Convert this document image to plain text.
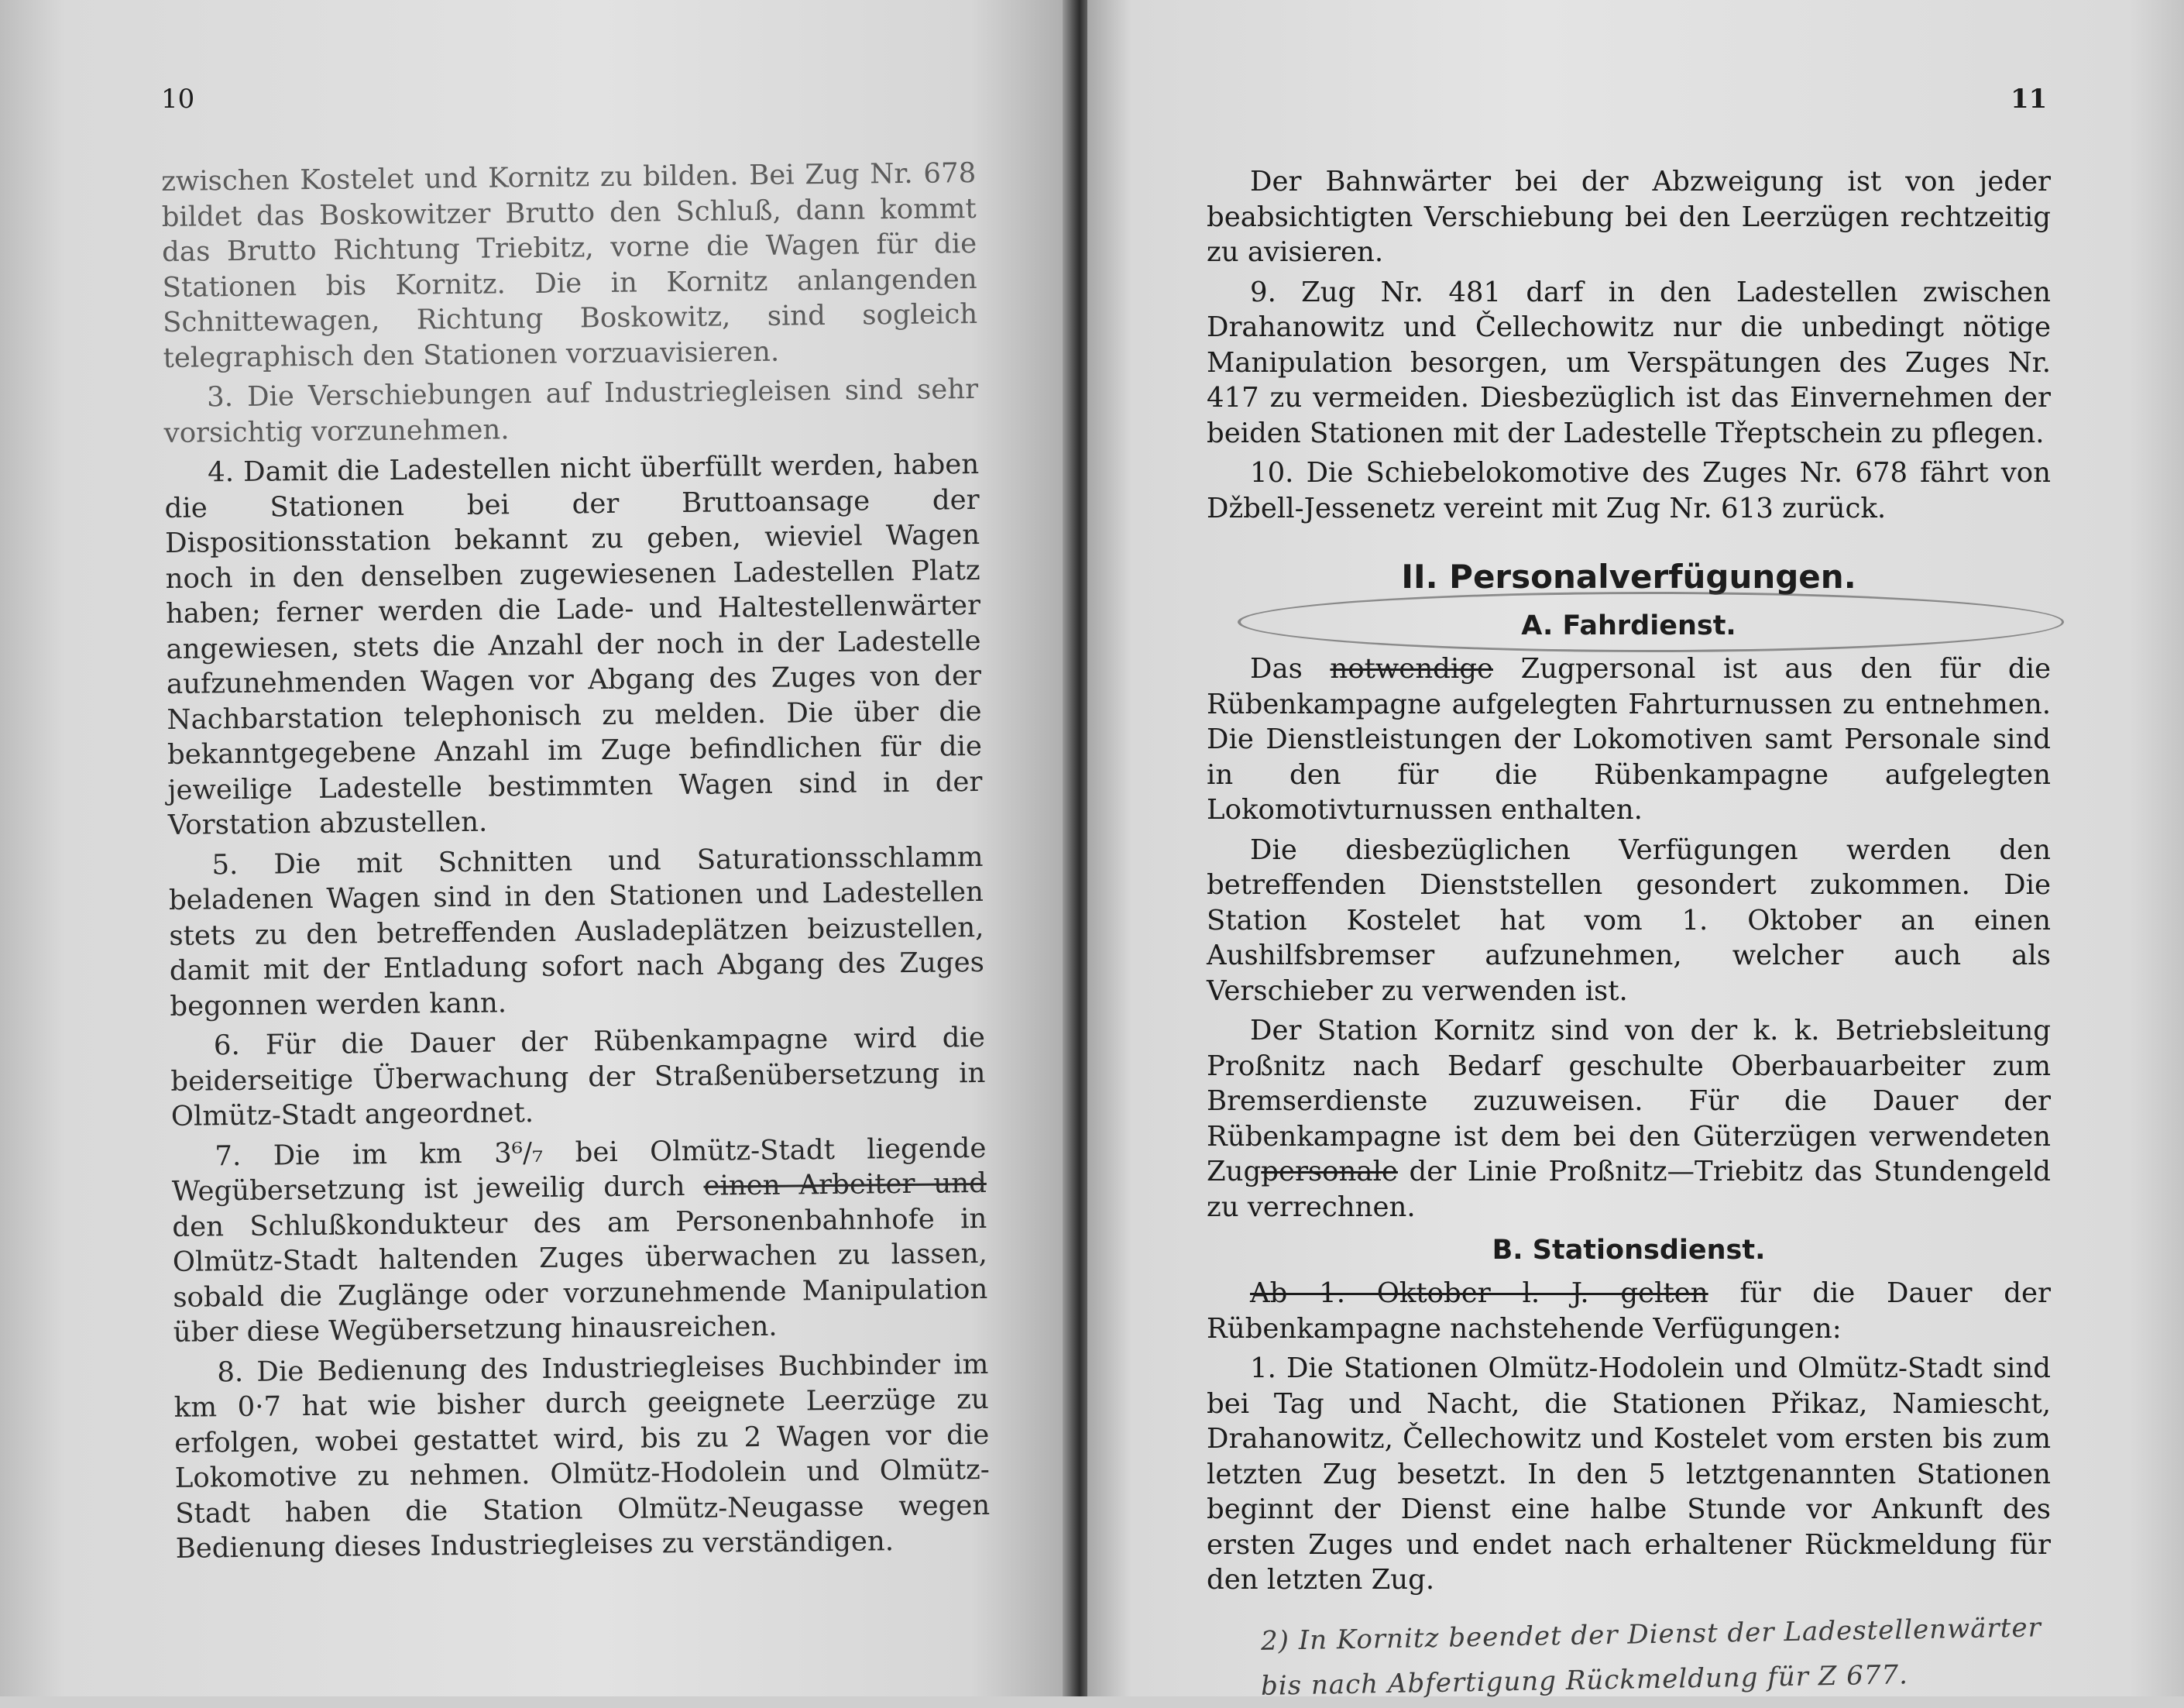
10

zwischen Kostelet und Kornitz zu bilden. Bei Zug Nr. 678 bildet das Boskowitzer Brutto den Schluß, dann kommt das Brutto Richtung Triebitz, vorne die Wagen für die Stationen bis Kornitz. Die in Kornitz anlangenden Schnittewagen, Richtung Boskowitz, sind sogleich telegraphisch den Stationen vorzuavisieren.

3. Die Verschiebungen auf Industriegleisen sind sehr vorsichtig vorzunehmen.

4. Damit die Ladestellen nicht überfüllt werden, haben die Stationen bei der Bruttoansage der Dispositionsstation bekannt zu geben, wieviel Wagen noch in den denselben zugewiesenen Ladestellen Platz haben; ferner werden die Lade- und Haltestellenwärter angewiesen, stets die Anzahl der noch in der Ladestelle aufzunehmenden Wagen vor Abgang des Zuges von der Nachbarstation telephonisch zu melden. Die über die bekanntgegebene Anzahl im Zuge befindlichen für die jeweilige Ladestelle bestimmten Wagen sind in der Vorstation abzustellen.

5. Die mit Schnitten und Saturationsschlamm beladenen Wagen sind in den Stationen und Ladestellen stets zu den betreffenden Ausladeplätzen beizustellen, damit mit der Entladung sofort nach Abgang des Zuges begonnen werden kann.

6. Für die Dauer der Rübenkampagne wird die beiderseitige Überwachung der Straßenübersetzung in Olmütz-Stadt angeordnet.

7. Die im km 3⁶/₇ bei Olmütz-Stadt liegende Wegübersetzung ist jeweilig durch einen Arbeiter und den Schlußkondukteur des am Personenbahnhofe in Olmütz-Stadt haltenden Zuges überwachen zu lassen, sobald die Zuglänge oder vorzunehmende Manipulation über diese Wegübersetzung hinausreichen.

8. Die Bedienung des Industriegleises Buchbinder im km 0·7 hat wie bisher durch geeignete Leerzüge zu erfolgen, wobei gestattet wird, bis zu 2 Wagen vor die Lokomotive zu nehmen. Olmütz-Hodolein und Olmütz-Stadt haben die Station Olmütz-Neugasse wegen Bedienung dieses Industriegleises zu verständigen.

11

Der Bahnwärter bei der Abzweigung ist von jeder beabsichtigten Verschiebung bei den Leerzügen rechtzeitig zu avisieren.

9. Zug Nr. 481 darf in den Ladestellen zwischen Drahanowitz und Čellechowitz nur die unbedingt nötige Manipulation besorgen, um Verspätungen des Zuges Nr. 417 zu vermeiden. Diesbezüglich ist das Einvernehmen der beiden Stationen mit der Ladestelle Třeptschein zu pflegen.

10. Die Schiebelokomotive des Zuges Nr. 678 fährt von Džbell-Jessenetz vereint mit Zug Nr. 613 zurück.

II. Personalverfügungen.
A. Fahrdienst.

Das notwendige Zugpersonal ist aus den für die Rübenkampagne aufgelegten Fahrturnussen zu entnehmen. Die Dienstleistungen der Lokomotiven samt Personale sind in den für die Rübenkampagne aufgelegten Lokomotivturnussen enthalten.

Die diesbezüglichen Verfügungen werden den betreffenden Dienststellen gesondert zukommen. Die Station Kostelet hat vom 1. Oktober an einen Aushilfsbremser aufzunehmen, welcher auch als Verschieber zu verwenden ist.

Der Station Kornitz sind von der k. k. Betriebsleitung Proßnitz nach Bedarf geschulte Oberbauarbeiter zum Bremserdienste zuzuweisen. Für die Dauer der Rübenkampagne ist dem bei den Güterzügen verwendeten Zugpersonale der Linie Proßnitz—Triebitz das Stundengeld zu verrechnen.

B. Stationsdienst.

Ab 1. Oktober l. J. gelten für die Dauer der Rübenkampagne nachstehende Verfügungen:

1. Die Stationen Olmütz-Hodolein und Olmütz-Stadt sind bei Tag und Nacht, die Stationen Přikaz, Namiescht, Drahanowitz, Čellechowitz und Kostelet vom ersten bis zum letzten Zug besetzt. In den 5 letztgenannten Stationen beginnt der Dienst eine halbe Stunde vor Ankunft des ersten Zuges und endet nach erhaltener Rückmeldung für den letzten Zug.

2) In Kornitz beendet der Dienst der Ladestellenwärter
bis nach Abfertigung Rückmeldung für Z 677.
